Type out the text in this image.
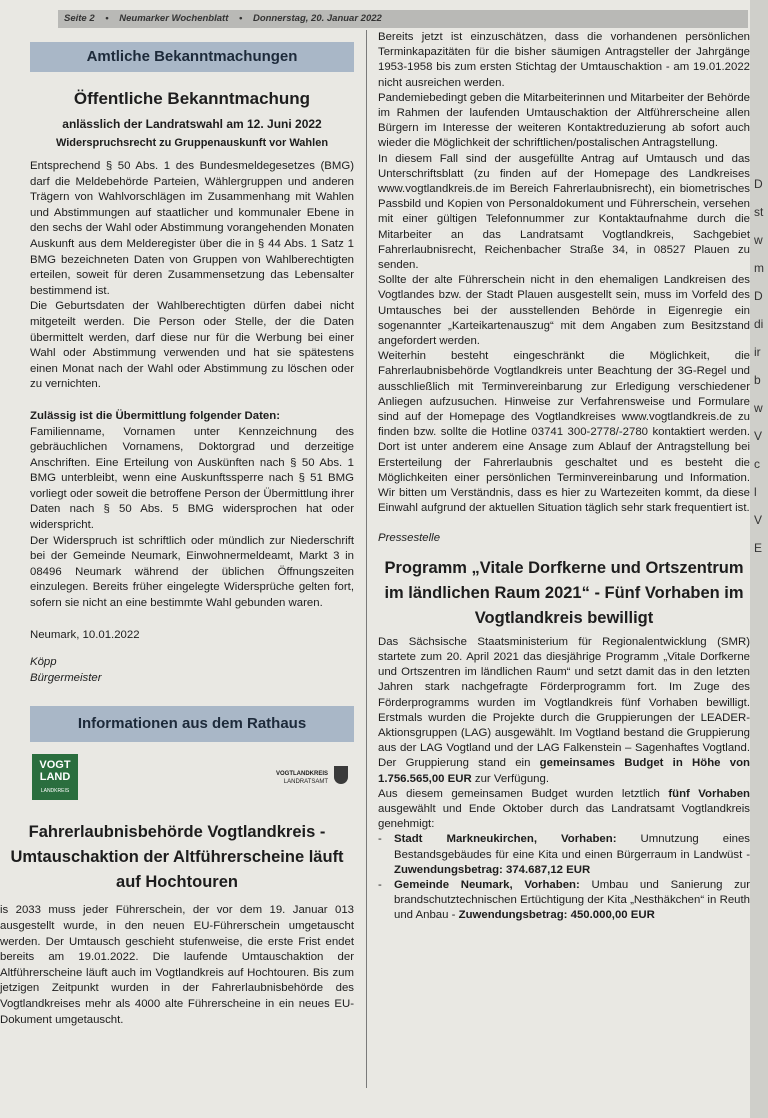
Seite 2 • Neumarker Wochenblatt • Donnerstag, 20. Januar 2022
Amtliche Bekanntmachungen
Öffentliche Bekanntmachung
anlässlich der Landratswahl am 12. Juni 2022
Widerspruchsrecht zu Gruppenauskunft vor Wahlen

Entsprechend § 50 Abs. 1 des Bundesmeldegesetzes (BMG) darf die Meldebehörde Parteien, Wählergruppen und anderen Trägern von Wahlvorschlägen im Zusammenhang mit Wahlen und Abstimmungen auf staatlicher und kommunaler Ebene in den sechs der Wahl oder Abstimmung vorangehenden Monaten Auskunft aus dem Melderegister über die in § 44 Abs. 1 Satz 1 BMG bezeichneten Daten von Gruppen von Wahlberechtigten erteilen, soweit für deren Zusammensetzung das Lebensalter bestimmend ist.

Die Geburtsdaten der Wahlberechtigten dürfen dabei nicht mitgeteilt werden. Die Person oder Stelle, der die Daten übermittelt werden, darf diese nur für die Werbung bei einer Wahl oder Abstimmung verwenden und hat sie spätestens einen Monat nach der Wahl oder Abstimmung zu löschen oder zu vernichten.

Zulässig ist die Übermittlung folgender Daten:

Familienname, Vornamen unter Kennzeichnung des gebräuchlichen Vornamens, Doktorgrad und derzeitige Anschriften. Eine Erteilung von Auskünften nach § 50 Abs. 1 BMG unterbleibt, wenn eine Auskunftssperre nach § 51 BMG vorliegt oder soweit die betroffene Person der Übermittlung ihrer Daten nach § 50 Abs. 5 BMG widersprochen hat oder widerspricht.

Der Widerspruch ist schriftlich oder mündlich zur Niederschrift bei der Gemeinde Neumark, Einwohnermeldeamt, Markt 3 in 08496 Neumark während der üblichen Öffnungszeiten einzulegen. Bereits früher eingelegte Widersprüche gelten fort, sofern sie nicht an eine bestimmte Wahl gebunden waren.

Neumark, 10.01.2022

Köpp

Bürgermeister

Informationen aus dem Rathaus
VOGT
LAND
LANDKREIS
VOGTLANDKREIS
LANDRATSAMT
Fahrerlaubnisbehörde Vogtlandkreis - Umtauschaktion der Altführerscheine läuft auf Hochtouren

is 2033 muss jeder Führerschein, der vor dem 19. Januar 013 ausgestellt wurde, in den neuen EU-Führerschein umgetauscht werden. Der Umtausch geschieht stufenweise, die erste Frist endet bereits am 19.01.2022. Die laufende Umtauschaktion der Altführerscheine läuft auch im Vogtlandkreis auf Hochtouren. Bis zum jetzigen Zeitpunkt wurden in der Fahrerlaubnisbehörde des Vogtlandkreises mehr als 4000 alte Führerscheine in ein neues EU-Dokument umgetauscht.

Bereits jetzt ist einzuschätzen, dass die vorhandenen persönlichen Terminkapazitäten für die bisher säumigen Antragsteller der Jahrgänge 1953-1958 bis zum ersten Stichtag der Umtauschaktion - am 19.01.2022 nicht ausreichen werden.

Pandemiebedingt geben die Mitarbeiterinnen und Mitarbeiter der Behörde im Rahmen der laufenden Umtauschaktion der Altführerscheine allen Bürgern im Interesse der weiteren Kontaktreduzierung ab sofort auch wieder die Möglichkeit der schriftlichen/postalischen Antragstellung.

In diesem Fall sind der ausgefüllte Antrag auf Umtausch und das Unterschriftsblatt (zu finden auf der Homepage des Landkreises www.vogtlandkreis.de im Bereich Fahrerlaubnisrecht), ein biometrisches Passbild und Kopien von Personaldokument und Führerschein, versehen mit einer gültigen Telefonnummer zur Kontaktaufnahme durch die Mitarbeiter an das Landratsamt Vogtlandkreis, Sachgebiet Fahrerlaubnisrecht, Reichenbacher Straße 34, in 08527 Plauen zu senden.

Sollte der alte Führerschein nicht in den ehemaligen Landkreisen des Vogtlandes bzw. der Stadt Plauen ausgestellt sein, muss im Vorfeld des Umtausches bei der ausstellenden Behörde in Eigenregie ein sogenannter „Karteikartenauszug“ mit dem Angaben zum Besitzstand angefordert werden.

Weiterhin besteht eingeschränkt die Möglichkeit, die Fahrerlaubnisbehörde Vogtlandkreis unter Beachtung der 3G-Regel und ausschließlich mit Terminvereinbarung zur Erledigung verschiedener Anliegen aufzusuchen. Hinweise zur Verfahrensweise und Formulare sind auf der Homepage des Vogtlandkreises www.vogtlandkreis.de zu finden bzw. sollte die Hotline 03741 300-2778/-2780 kontaktiert werden. Dort ist unter anderem eine Ansage zum Ablauf der Antragstellung bei Ersterteilung der Fahrerlaubnis geschaltet und es besteht die Möglichkeiten einer persönlichen Terminvereinbarung und Information. Wir bitten um Verständnis, dass es hier zu Wartezeiten kommt, da diese Einwahl aufgrund der aktuellen Situation täglich sehr stark frequentiert ist.

Pressestelle

Programm „Vitale Dorfkerne und Ortszentrum im ländlichen Raum 2021“ - Fünf Vorhaben im Vogtlandkreis bewilligt

Das Sächsische Staatsministerium für Regionalentwicklung (SMR) startete zum 20. April 2021 das diesjährige Programm „Vitale Dorfkerne und Ortszentren im ländlichen Raum“ und setzt damit das in den letzten Jahren stark nachgefragte Förderprogramm fort. Im Zuge des Förderprogramms wurden im Vogtlandkreis fünf Vorhaben bewilligt. Erstmals wurden die Projekte durch die Gruppierungen der LEADER-Aktionsgruppen (LAG) ausgewählt. Im Vogtland bestand die Gruppierung aus der LAG Vogtland und der LAG Falkenstein – Sagenhaftes Vogtland. Der Gruppierung stand ein gemeinsames Budget in Höhe von 1.756.565,00 EUR zur Verfügung.

Aus diesem gemeinsamen Budget wurden letztlich fünf Vorhaben ausgewählt und Ende Oktober durch das Landratsamt Vogtlandkreis genehmigt:

-	Stadt Markneukirchen, Vorhaben: Umnutzung eines Bestandsgebäudes für eine Kita und einen Bürgerraum in Landwüst - Zuwendungsbetrag: 374.687,12 EUR

-	Gemeinde Neumark, Vorhaben: Umbau und Sanierung zur brandschutztechnischen Ertüchtigung der Kita „Nesthäkchen“ in Reuth und Anbau - Zuwendungsbetrag: 450.000,00 EUR

D
st
w
m
D
di
ir
b
w
V
c
l
V
E
